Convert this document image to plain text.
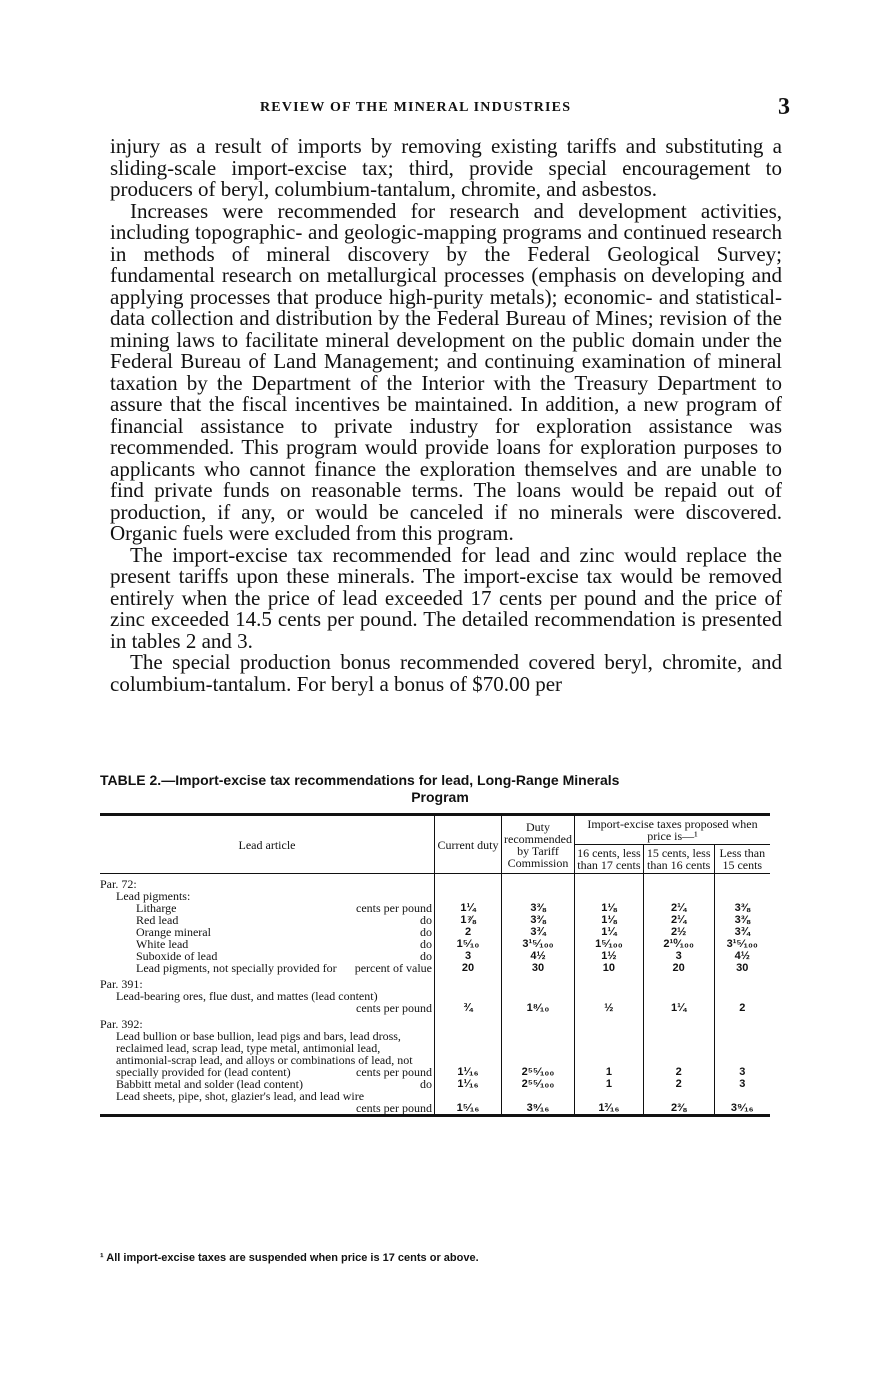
REVIEW OF THE MINERAL INDUSTRIES	3

injury as a result of imports by removing existing tariffs and substituting a sliding-scale import-excise tax; third, provide special encouragement to producers of beryl, columbium-tantalum, chromite, and asbestos.

Increases were recommended for research and development activities, including topographic- and geologic-mapping programs and continued research in methods of mineral discovery by the Federal Geological Survey; fundamental research on metallurgical processes (emphasis on developing and applying processes that produce high-purity metals); economic- and statistical-data collection and distribution by the Federal Bureau of Mines; revision of the mining laws to facilitate mineral development on the public domain under the Federal Bureau of Land Management; and continuing examination of mineral taxation by the Department of the Interior with the Treasury Department to assure that the fiscal incentives be maintained. In addition, a new program of financial assistance to private industry for exploration assistance was recommended. This program would provide loans for exploration purposes to applicants who cannot finance the exploration themselves and are unable to find private funds on reasonable terms. The loans would be repaid out of production, if any, or would be canceled if no minerals were discovered. Organic fuels were excluded from this program.

The import-excise tax recommended for lead and zinc would replace the present tariffs upon these minerals. The import-excise tax would be removed entirely when the price of lead exceeded 17 cents per pound and the price of zinc exceeded 14.5 cents per pound. The detailed recommendation is presented in tables 2 and 3.

The special production bonus recommended covered beryl, chromite, and columbium-tantalum. For beryl a bonus of $70.00 per

TABLE 2.—Import-excise tax recommendations for lead, Long-Range Minerals
Program
Lead article	Current duty	Duty recommended by Tariff Commission	Import-excise taxes proposed when price is—¹		
			16 cents, less than 17 cents	15 cents, less than 16 cents	Less than 15 cents
Par. 72:					
Lead pigments:					
Litharge cents per pound	1¼	3⅜	1⅛	2¼	3⅜
Red lead do	1⅞	3⅜	1⅛	2¼	3⅜
Orange mineral do	2	3¾	1¼	2½	3¾
White lead do	1⁵⁄₁₀	3¹⁵⁄₁₀₀	1⁵⁄₁₀₀	2¹⁰⁄₁₀₀	3¹⁵⁄₁₀₀
Suboxide of lead do	3	4½	1½	3	4½
Lead pigments, not specially provided for percent of value	20	30	10	20	30
Par. 391:					
Lead-bearing ores, flue dust, and mattes (lead content)
cents per pound	¾	1⁸⁄₁₀	½	1¼	2
Par. 392:					
Lead bullion or base bullion, lead pigs and bars, lead dross, reclaimed lead, scrap lead, type metal, antimonial lead, antimonial-scrap lead, and alloys or combinations of lead, not specially provided for (lead content) cents per pound	1¹⁄₁₆	2⁵⁵⁄₁₀₀	1	2	3
Babbitt metal and solder (lead content) do	1¹⁄₁₆	2⁵⁵⁄₁₀₀	1	2	3
Lead sheets, pipe, shot, glazier's lead, and lead wire
cents per pound	1⁵⁄₁₆	3⁹⁄₁₆	1³⁄₁₆	2⅜	3⁹⁄₁₆
¹ All import-excise taxes are suspended when price is 17 cents or above.
